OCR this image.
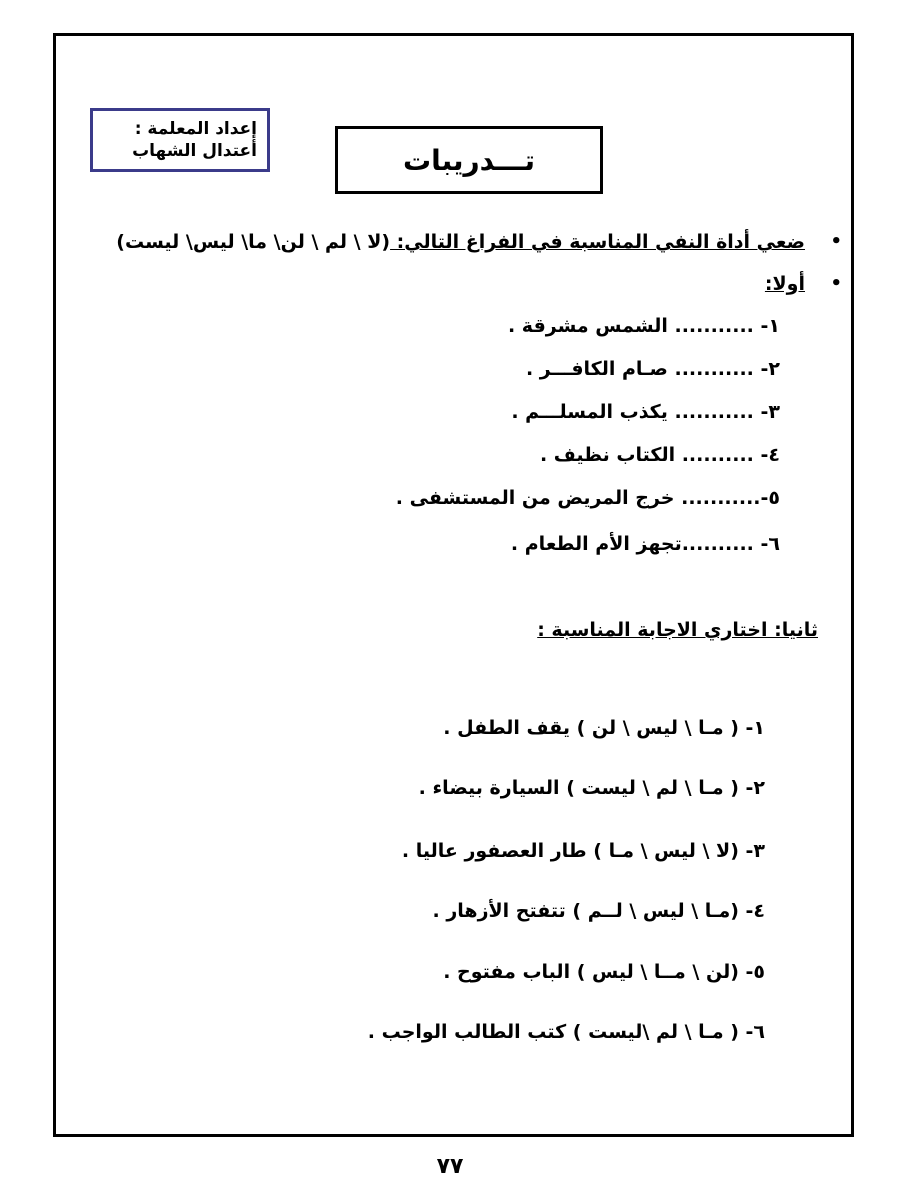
إعداد المعلمة :
أعتدال الشهاب	تـــدريبات
•
ضعي أداة النفي المناسبة في الفراغ التالي: (لا \ لم \ لن\ ما\ ليس\ ليست)
•
أولا:
١- ........... الشمس مشرقة .
٢- ........... صـام الكافـــر .
٣- ........... يكذب المسلـــم .
٤- .......... الكتاب نظيف .
٥-........... خرج المريض من المستشفى .
٦- ..........تجهز الأم الطعام .
ثانيا: اختاري الاجابة المناسبة :
١- ( مـا \ ليس \ لن ) يقف الطفل .
٢- ( مـا \ لم \ ليست ) السيارة بيضاء .
٣- (لا \ ليس \ مـا ) طار العصفور عاليا .
٤- (مـا \ ليس \ لــم ) تتفتح الأزهار .
٥- (لن \ مــا \ ليس ) الباب مفتوح .
٦- ( مـا \ لم \ليست ) كتب الطالب الواجب .
٧٧
